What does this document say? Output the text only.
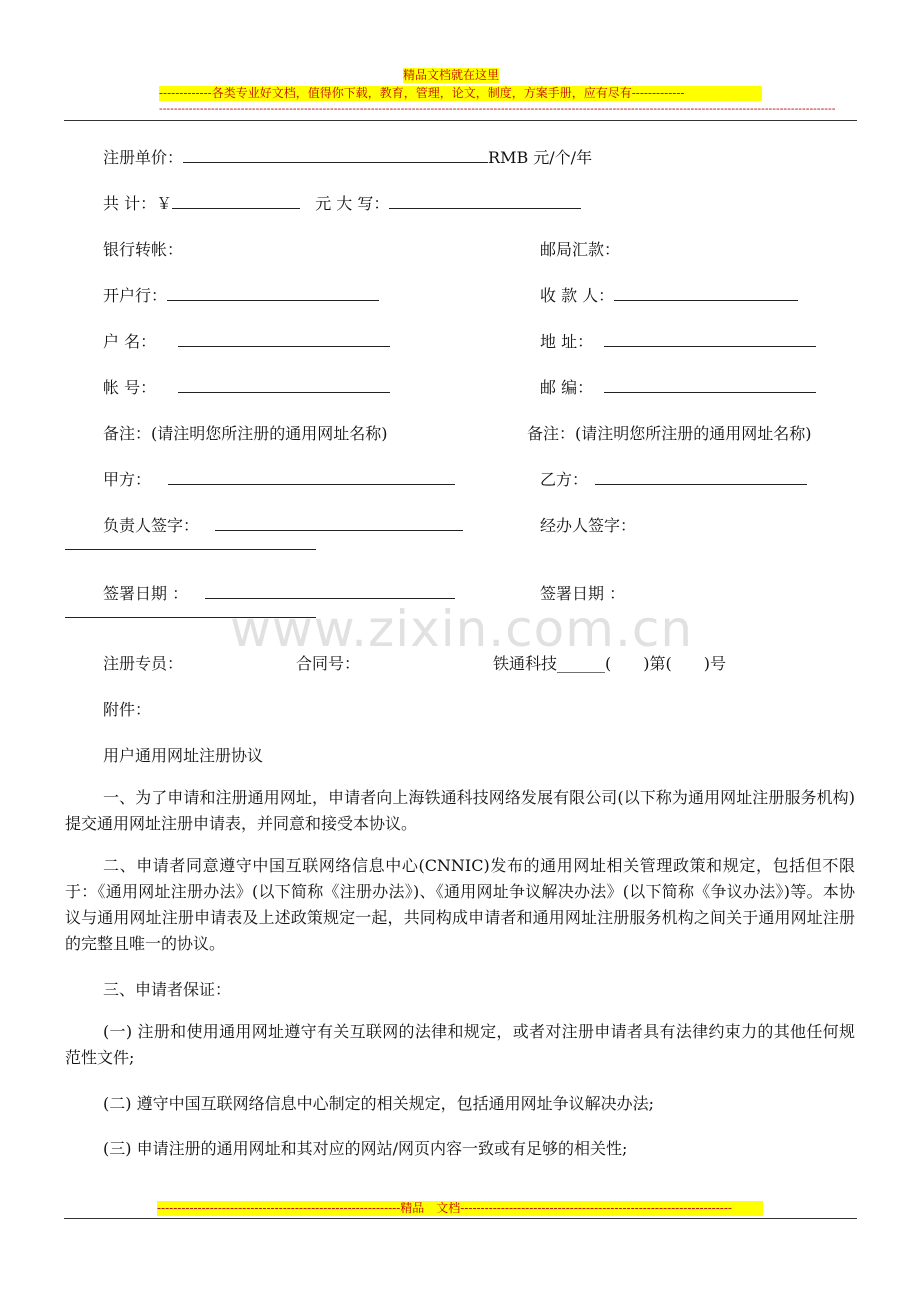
精品文档就在这里
-------------各类专业好文档，值得你下载，教育，管理，论文，制度，方案手册，应有尽有-------------
--------------------------------------------------------------------------------------------------------------------------------------------------------------------------------------
注册单价：	RMB 元/个/年
共 计：￥	元 大 写：
银行转帐：	邮局汇款：
开户行：	收 款 人：
户 名：	地 址：
帐 号：	邮 编：
备注：(请注明您所注册的通用网址名称)	备注：(请注明您所注册的通用网址名称)
甲方：	乙方：
负责人签字：	经办人签字：
签署日期 ：	签署日期 ：
www.zixin.com.cn
注册专员：	合同号：	铁通科技______(　　)第(　　)号
附件：
用户通用网址注册协议
一、为了申请和注册通用网址，申请者向上海铁通科技网络发展有限公司(以下称为通用网址注册服务机构)提交通用网址注册申请表，并同意和接受本协议。
二、申请者同意遵守中国互联网络信息中心(CNNIC)发布的通用网址相关管理政策和规定，包括但不限于：《通用网址注册办法》(以下简称《注册办法》)、《通用网址争议解决办法》(以下简称《争议办法》)等。本协议与通用网址注册申请表及上述政策规定一起，共同构成申请者和通用网址注册服务机构之间关于通用网址注册的完整且唯一的协议。
三、申请者保证：
(一) 注册和使用通用网址遵守有关互联网的法律和规定，或者对注册申请者具有法律约束力的其他任何规范性文件;
(二) 遵守中国互联网络信息中心制定的相关规定，包括通用网址争议解决办法;
(三) 申请注册的通用网址和其对应的网站/网页内容一致或有足够的相关性;
------------------------------------------------------------精品　文档-------------------------------------------------------------------
